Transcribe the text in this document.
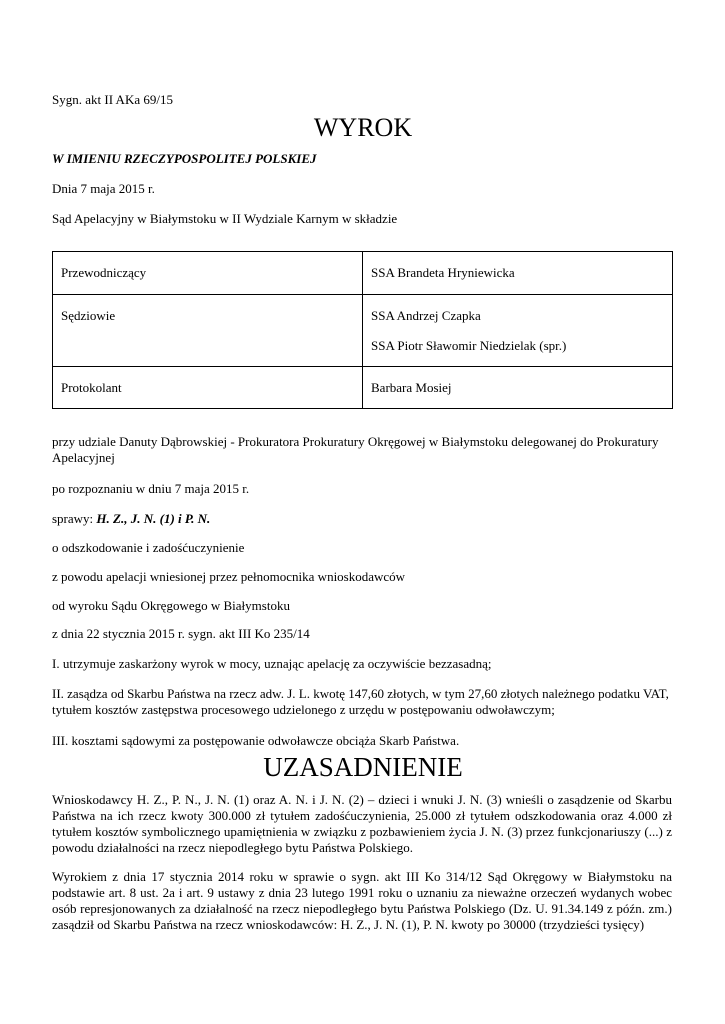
Sygn. akt II AKa 69/15
WYROK
W IMIENIU RZECZYPOSPOLITEJ POLSKIEJ
Dnia 7 maja 2015 r.
Sąd Apelacyjny w Białymstoku w II Wydziale Karnym w składzie
Przewodniczący	SSA Brandeta Hryniewicka
Sędziowie	SSA Andrzej Czapka
SSA Piotr Sławomir Niedzielak (spr.)

Protokolant	Barbara Mosiej
przy udziale Danuty Dąbrowskiej - Prokuratora Prokuratury Okręgowej w Białymstoku delegowanej do Prokuratury Apelacyjnej
po rozpoznaniu w dniu 7 maja 2015 r.
sprawy: H. Z., J. N. (1) i P. N.
o odszkodowanie i zadośćuczynienie
z powodu apelacji wniesionej przez pełnomocnika wnioskodawców
od wyroku Sądu Okręgowego w Białymstoku
z dnia 22 stycznia 2015 r. sygn. akt III Ko 235/14
I. utrzymuje zaskarżony wyrok w mocy, uznając apelację za oczywiście bezzasadną;
II. zasądza od Skarbu Państwa na rzecz adw. J. L. kwotę 147,60 złotych, w tym 27,60 złotych należnego podatku VAT, tytułem kosztów zastępstwa procesowego udzielonego z urzędu w postępowaniu odwoławczym;
III. kosztami sądowymi za postępowanie odwoławcze obciąża Skarb Państwa.
UZASADNIENIE
Wnioskodawcy H. Z., P. N., J. N. (1) oraz A. N. i J. N. (2) – dzieci i wnuki J. N. (3) wnieśli o zasądzenie od Skarbu Państwa na ich rzecz kwoty 300.000 zł tytułem zadośćuczynienia, 25.000 zł tytułem odszkodowania oraz 4.000 zł tytułem kosztów symbolicznego upamiętnienia w związku z pozbawieniem życia J. N. (3) przez funkcjonariuszy (...) z powodu działalności na rzecz niepodległego bytu Państwa Polskiego.
Wyrokiem z dnia 17 stycznia 2014 roku w sprawie o sygn. akt III Ko 314/12 Sąd Okręgowy w Białymstoku na podstawie art. 8 ust. 2a i art. 9 ustawy z dnia 23 lutego 1991 roku o uznaniu za nieważne orzeczeń wydanych wobec osób represjonowanych za działalność na rzecz niepodległego bytu Państwa Polskiego (Dz. U. 91.34.149 z późn. zm.) zasądził od Skarbu Państwa na rzecz wnioskodawców: H. Z., J. N. (1), P. N. kwoty po 30000 (trzydzieści tysięcy)
